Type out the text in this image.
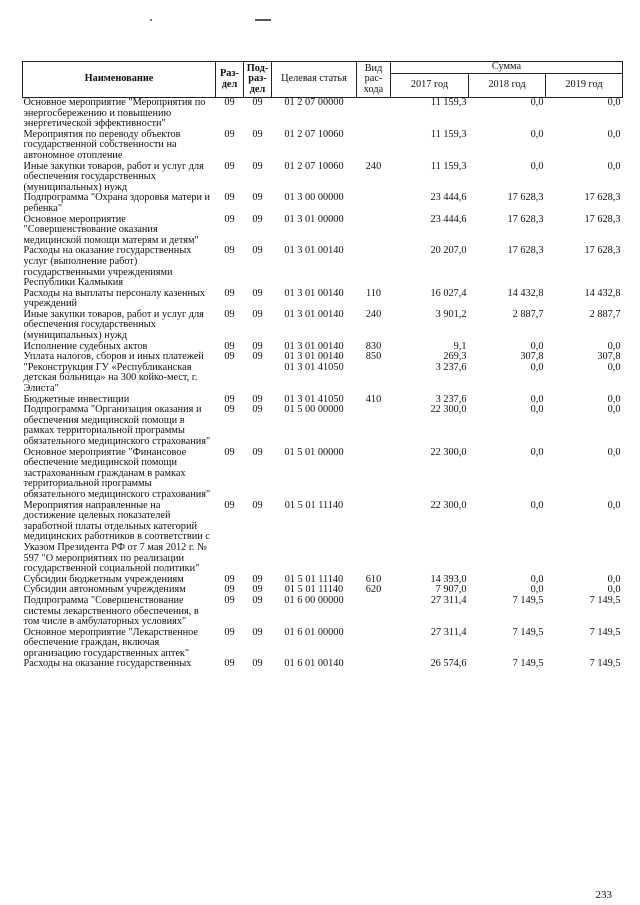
Наименование	Раз- дел	Под- раз- дел	Целевая статья	Вид рас- хода	Сумма		
					2017 год	2018 год	2019 год
Основное мероприятие "Мероприятия по энергосбережению и повышению энергетической эффективности"	09	09	01 2 07 00000		11 159,3	0,0	0,0
Мероприятия по переводу объектов государственной собственности на автономное отопление	09	09	01 2 07 10060		11 159,3	0,0	0,0
Иные закупки товаров, работ и услуг для обеспечения государственных (муниципальных) нужд	09	09	01 2 07 10060	240	11 159,3	0,0	0,0
Подпрограмма "Охрана здоровья матери и ребенка"	09	09	01 3 00 00000		23 444,6	17 628,3	17 628,3
Основное мероприятие "Совершенствование оказания медицинской помощи матерям и детям"	09	09	01 3 01 00000		23 444,6	17 628,3	17 628,3
Расходы на оказание государственных услуг (выполнение работ) государственными учреждениями Республики Калмыкия	09	09	01 3 01 00140		20 207,0	17 628,3	17 628,3
Расходы на выплаты персоналу казенных учреждений	09	09	01 3 01 00140	110	16 027,4	14 432,8	14 432,8
Иные закупки товаров, работ и услуг для обеспечения государственных (муниципальных) нужд	09	09	01 3 01 00140	240	3 901,2	2 887,7	2 887,7
Исполнение судебных актов	09	09	01 3 01 00140	830	9,1	0,0	0,0
Уплата налогов, сборов и иных платежей	09	09	01 3 01 00140	850	269,3	307,8	307,8
"Реконструкция ГУ «Республиканская детская больница» на 300 койко-мест, г. Элиста"			01 3 01 41050		3 237,6	0,0	0,0
Бюджетные инвестиции	09	09	01 3 01 41050	410	3 237,6	0,0	0,0
Подпрограмма "Организация оказания и обеспечения медицинской помощи в рамках территориальной программы обязательного медицинского страхования"	09	09	01 5 00 00000		22 300,0	0,0	0,0
Основное мероприятие "Финансовое обеспечение медицинской помощи застрахованным гражданам в рамках территориальной программы обязательного медицинского страхования"	09	09	01 5 01 00000		22 300,0	0,0	0,0
Мероприятия направленные на достижение целевых показателей заработной платы отдельных категорий медицинских работников в соответствии с Указом Президента РФ от 7 мая 2012 г. № 597 "О мероприятиях по реализации государственной социальной политики"	09	09	01 5 01 11140		22 300,0	0,0	0,0
Субсидии бюджетным учреждениям	09	09	01 5 01 11140	610	14 393,0	0,0	0,0
Субсидии автономным учреждениям	09	09	01 5 01 11140	620	7 907,0	0,0	0,0
Подпрограмма "Совершенствование системы лекарственного обеспечения, в том числе в амбулаторных условиях"	09	09	01 6 00 00000		27 311,4	7 149,5	7 149,5
Основное мероприятие "Лекарственное обеспечение граждан, включая организацию государственных аптек"	09	09	01 6 01 00000		27 311,4	7 149,5	7 149,5
Расходы на оказание государственных	09	09	01 6 01 00140		26 574,6	7 149,5	7 149,5
233
